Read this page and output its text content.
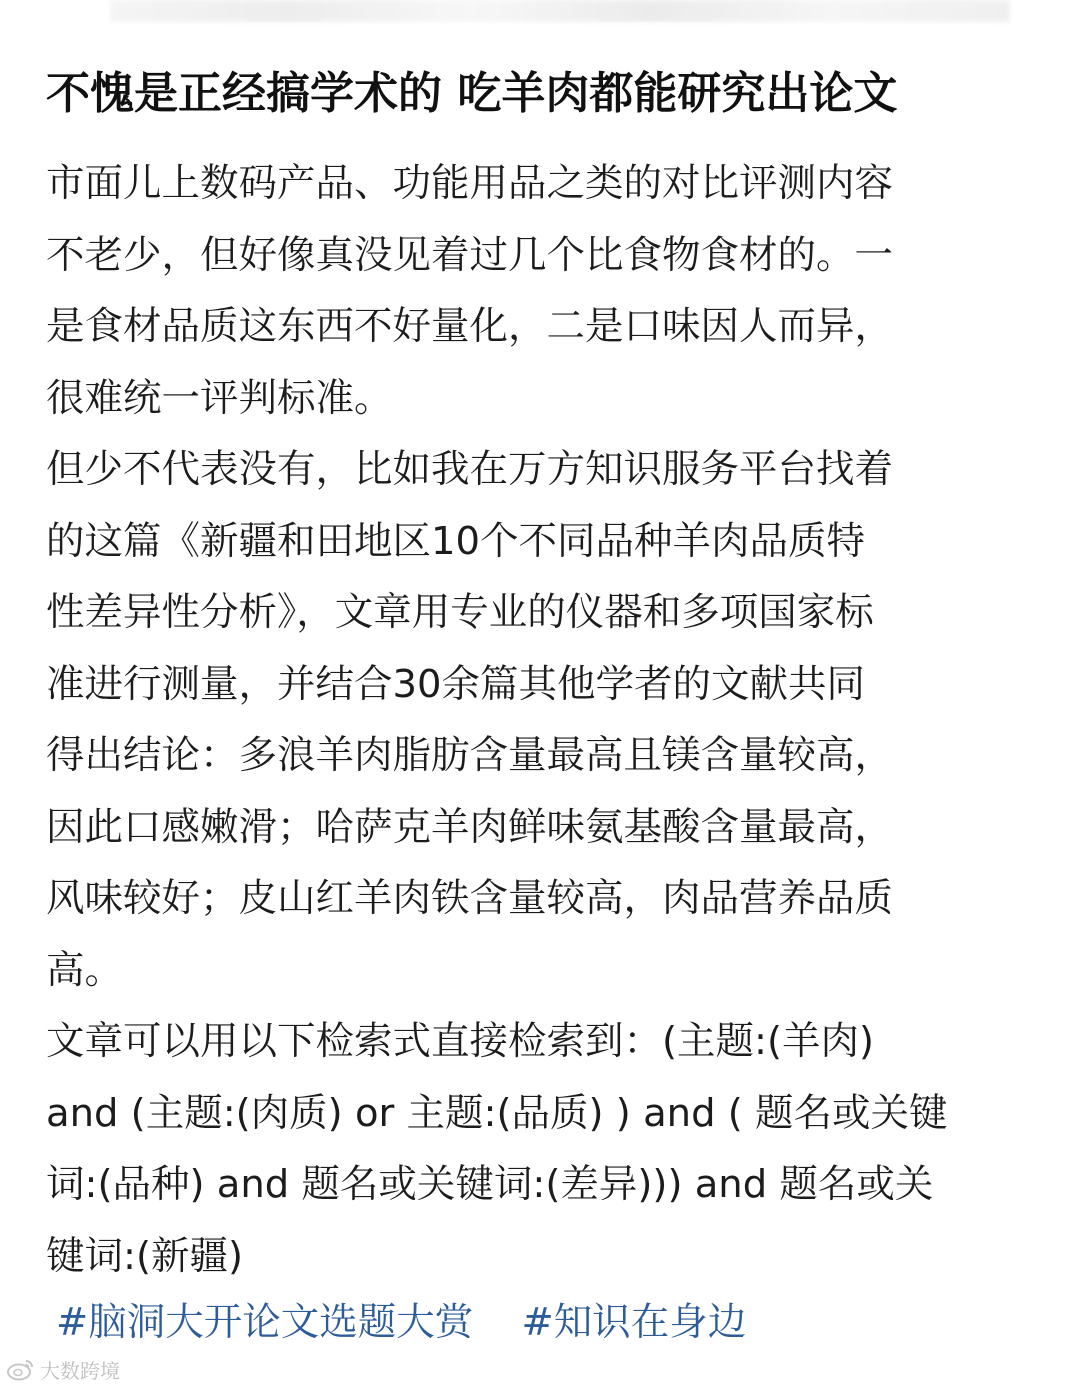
不愧是正经搞学术的 吃羊肉都能研究出论文
市面儿上数码产品、功能用品之类的对比评测内容
不老少，但好像真没见着过几个比食物食材的。一
是食材品质这东西不好量化，二是口味因人而异，
很难统一评判标准。
但少不代表没有，比如我在万方知识服务平台找着
的这篇《新疆和田地区10个不同品种羊肉品质特
性差异性分析》，文章用专业的仪器和多项国家标
准进行测量，并结合30余篇其他学者的文献共同
得出结论：多浪羊肉脂肪含量最高且镁含量较高，
因此口感嫩滑；哈萨克羊肉鲜味氨基酸含量最高，
风味较好；皮山红羊肉铁含量较高，肉品营养品质
高。
文章可以用以下检索式直接检索到：(主题:(羊肉)
and (主题:(肉质) or 主题:(品质) ) and ( 题名或关键
词:(品种) and 题名或关键词:(差异))) and 题名或关
键词:(新疆)
#脑洞大开论文选题大赏 #知识在身边
大数跨境
